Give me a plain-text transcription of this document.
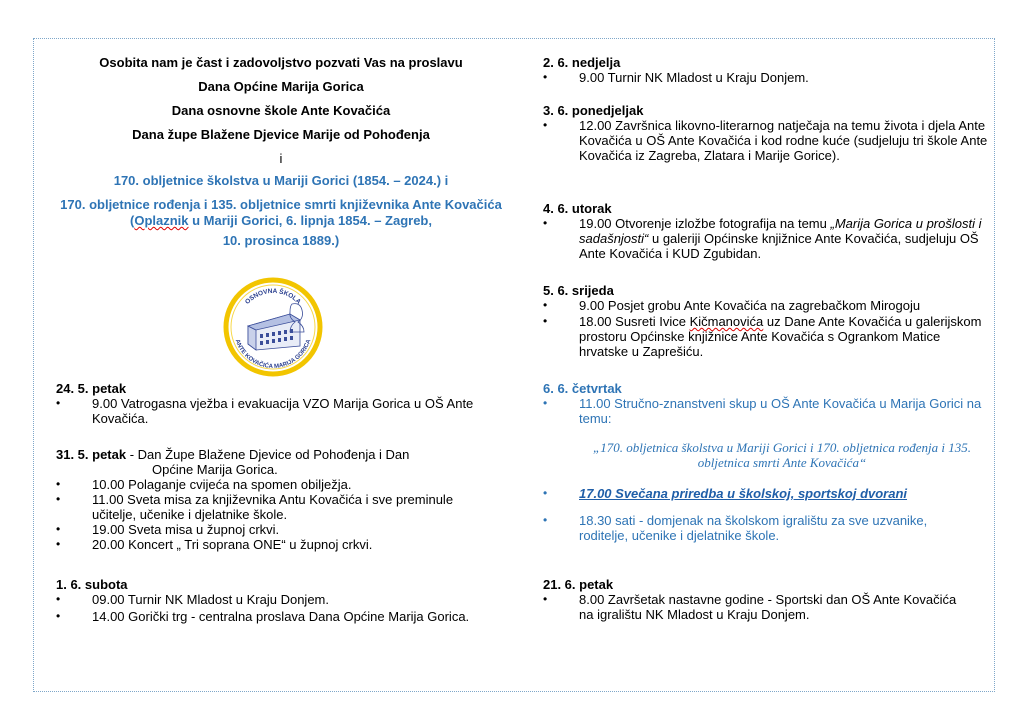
Osobita nam je čast i zadovoljstvo pozvati Vas na proslavu

Dana Općine Marija Gorica

Dana osnovne škole Ante Kovačića

Dana župe Blažene Djevice Marije od Pohođenja

i

170. obljetnice školstva u Mariji Gorici (1854. – 2024.) i

170. obljetnice rođenja i 135. obljetnice smrti književnika Ante Kovačića (Oplaznik u Mariji Gorici, 6. lipnja 1854. – Zagreb,

10. prosinca 1889.)

OSNOVNA ŠKOLA
ANTE KOVAČIĆA MARIJA GORICA

24. 5. petak

• 9.00 Vatrogasna vježba i evakuacija VZO Marija Gorica u OŠ Ante Kovačića.

31. 5. petak - Dan Župe Blažene Djevice od Pohođenja i Dan

Općine Marija Gorica.

• 10.00 Polaganje cvijeća na spomen obilježja.
• 11.00 Sveta misa za književnika Antu Kovačića i sve preminule učitelje, učenike i djelatnike škole.
• 19.00 Sveta misa u župnoj crkvi.
• 20.00 Koncert „ Tri soprana ONE“ u župnoj crkvi.

1. 6. subota

• 09.00 Turnir NK Mladost u Kraju Donjem.
• 14.00 Gorički trg - centralna proslava Dana Općine Marija Gorica.

2. 6. nedjelja

• 9.00 Turnir NK Mladost u Kraju Donjem.

3. 6. ponedjeljak

• 12.00 Završnica likovno-literarnog natječaja na temu života i djela Ante Kovačića u OŠ Ante Kovačića i kod rodne kuće (sudjeluju tri škole Ante Kovačića iz Zagreba, Zlatara i Marije Gorice).

4. 6. utorak

• 19.00 Otvorenje izložbe fotografija na temu „Marija Gorica u prošlosti i sadašnjosti“ u galeriji Općinske knjižnice Ante Kovačića, sudjeluju OŠ Ante Kovačića i KUD Zgubidan.

5. 6. srijeda

• 9.00 Posjet grobu Ante Kovačića na zagrebačkom Mirogoju
• 18.00 Susreti Ivice Kičmanovića uz Dane Ante Kovačića u galerijskom prostoru Općinske knjižnice Ante Kovačića s Ogrankom Matice hrvatske u Zaprešiću.

6. 6. četvrtak

• 11.00 Stručno-znanstveni skup u OŠ Ante Kovačića u Marija Gorici na temu:
„170. obljetnica školstva u Mariji Gorici i 170. obljetnica rođenja i 135. obljetnica smrti Ante Kovačića“
• 17.00 Svečana priredba u školskoj, sportskoj dvorani
• 18.30 sati - domjenak na školskom igralištu za sve uzvanike, roditelje, učenike i djelatnike škole.

21. 6. petak

• 8.00 Završetak nastavne godine - Sportski dan OŠ Ante Kovačića na igralištu NK Mladost u Kraju Donjem.
